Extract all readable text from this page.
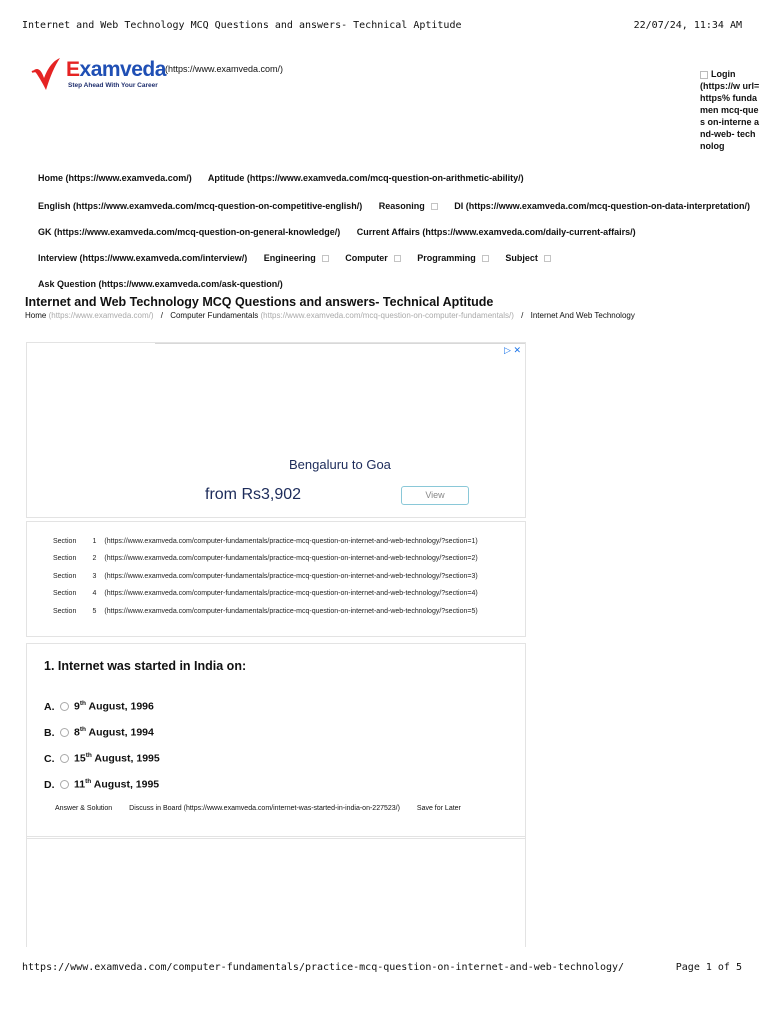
Internet and Web Technology MCQ Questions and answers- Technical Aptitude	22/07/24, 11:34 AM
Examveda
Step Ahead With Your Career
(https://www.examveda.com/)	Login
(https://w url=https% fundamen mcq-ques on-interne and-web- technolog
Home (https://www.examveda.com/) Aptitude (https://www.examveda.com/mcq-question-on-arithmetic-ability/)
English (https://www.examveda.com/mcq-question-on-competitive-english/) Reasoning	DI (https://www.examveda.com/mcq-question-on-data-interpretation/)
GK (https://www.examveda.com/mcq-question-on-general-knowledge/) Current Affairs (https://www.examveda.com/daily-current-affairs/)
Interview (https://www.examveda.com/interview/) Engineering	Computer	Programming	Subject
Ask Question (https://www.examveda.com/ask-question/)
Internet and Web Technology MCQ Questions and answers- Technical Aptitude
Home (https://www.examveda.com/) / Computer Fundamentals (https://www.examveda.com/mcq-question-on-computer-fundamentals/) / Internet And Web Technology
▷ ✕
Bengaluru to Goa
from Rs3,902	View
Section 1 (https://www.examveda.com/computer-fundamentals/practice-mcq-question-on-internet-and-web-technology/?section=1)
Section 2 (https://www.examveda.com/computer-fundamentals/practice-mcq-question-on-internet-and-web-technology/?section=2)
Section 3 (https://www.examveda.com/computer-fundamentals/practice-mcq-question-on-internet-and-web-technology/?section=3)
Section 4 (https://www.examveda.com/computer-fundamentals/practice-mcq-question-on-internet-and-web-technology/?section=4)
Section 5 (https://www.examveda.com/computer-fundamentals/practice-mcq-question-on-internet-and-web-technology/?section=5)
1. Internet was started in India on:
A. 9th August, 1996
B. 8th August, 1994
C. 15th August, 1995
D. 11th August, 1995
Answer & Solution Discuss in Board (https://www.examveda.com/internet-was-started-in-india-on-227523/) Save for Later
https://www.examveda.com/computer-fundamentals/practice-mcq-question-on-internet-and-web-technology/	Page 1 of 5
